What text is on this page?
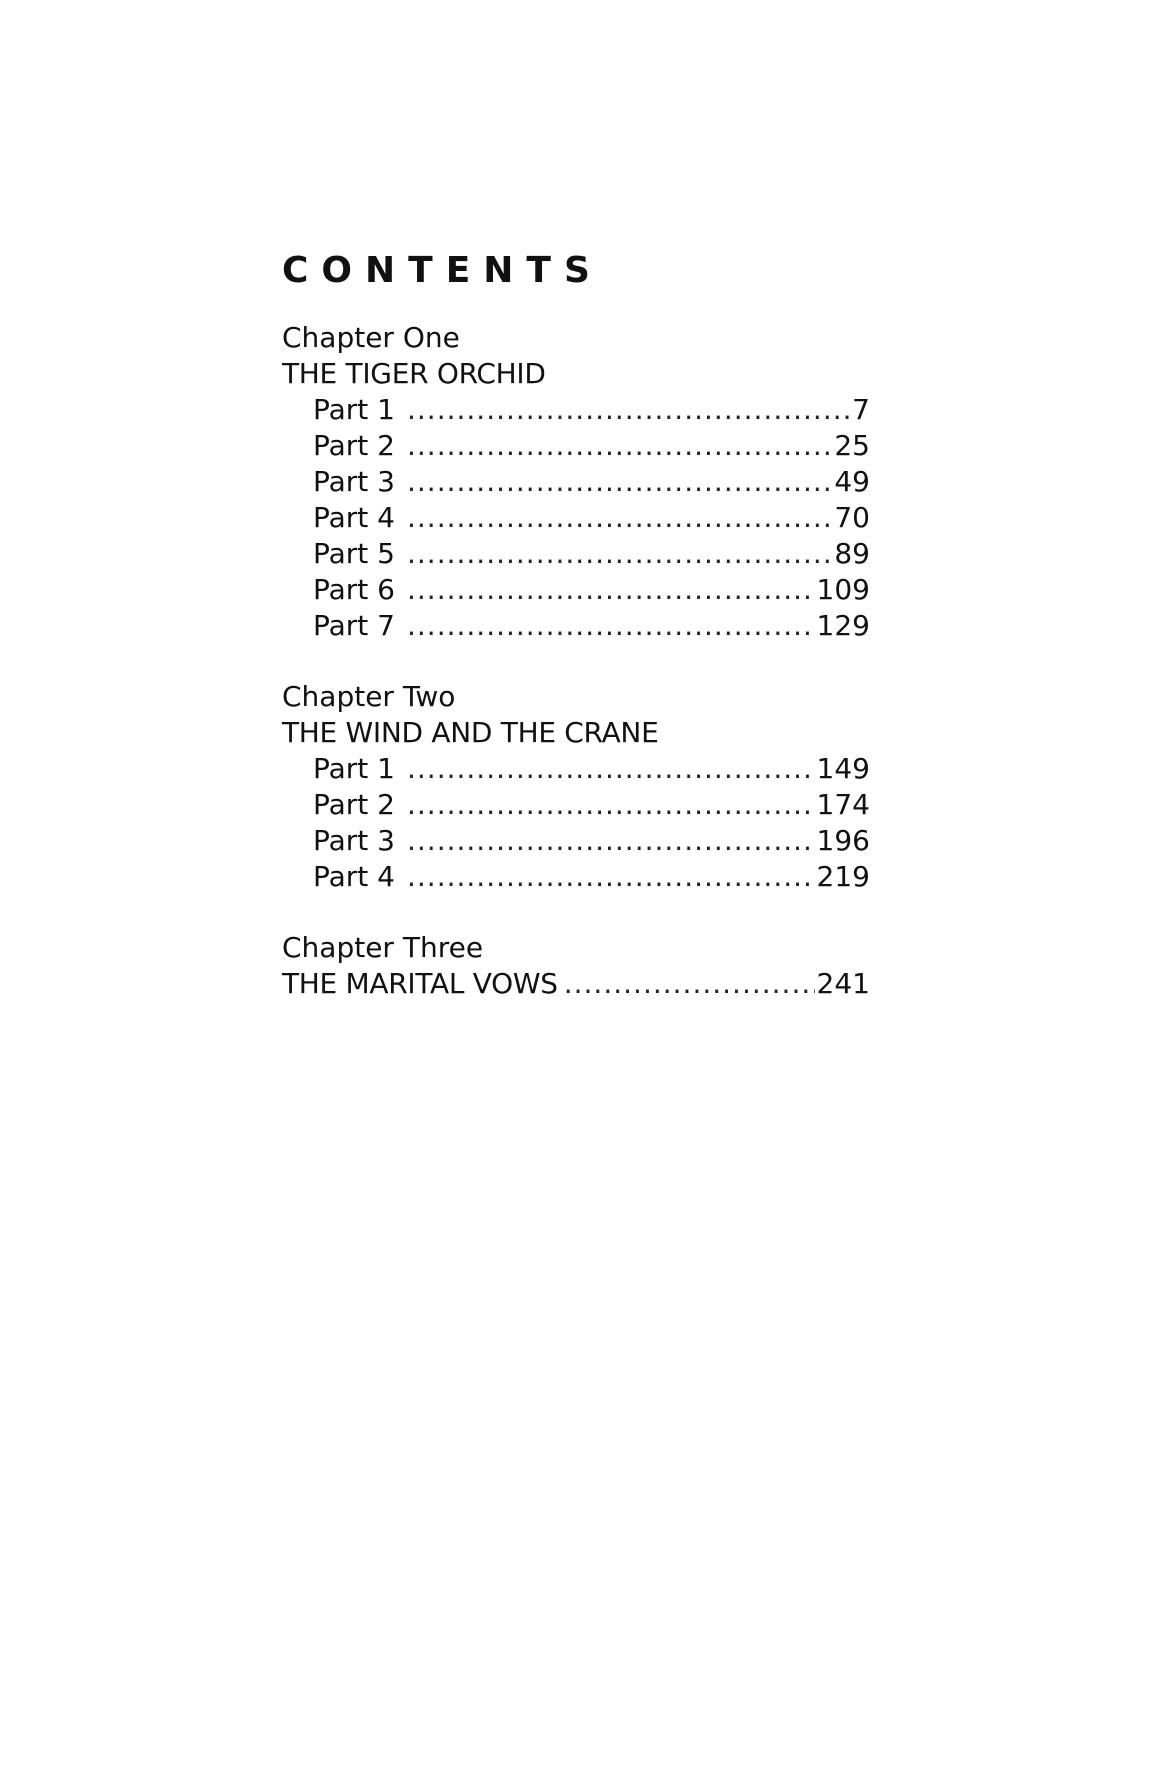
CONTENTS
Chapter One
THE TIGER ORCHID
Part 1 .....	7
Part 2 .....	25
Part 3 .....	49
Part 4 .....	70
Part 5 .....	89
Part 6 .....	109
Part 7 .....	129
Chapter Two
THE WIND AND THE CRANE
Part 1 .....	149
Part 2 .....	174
Part 3 .....	196
Part 4 .....	219
Chapter Three
THE MARITAL VOWS .....	241
